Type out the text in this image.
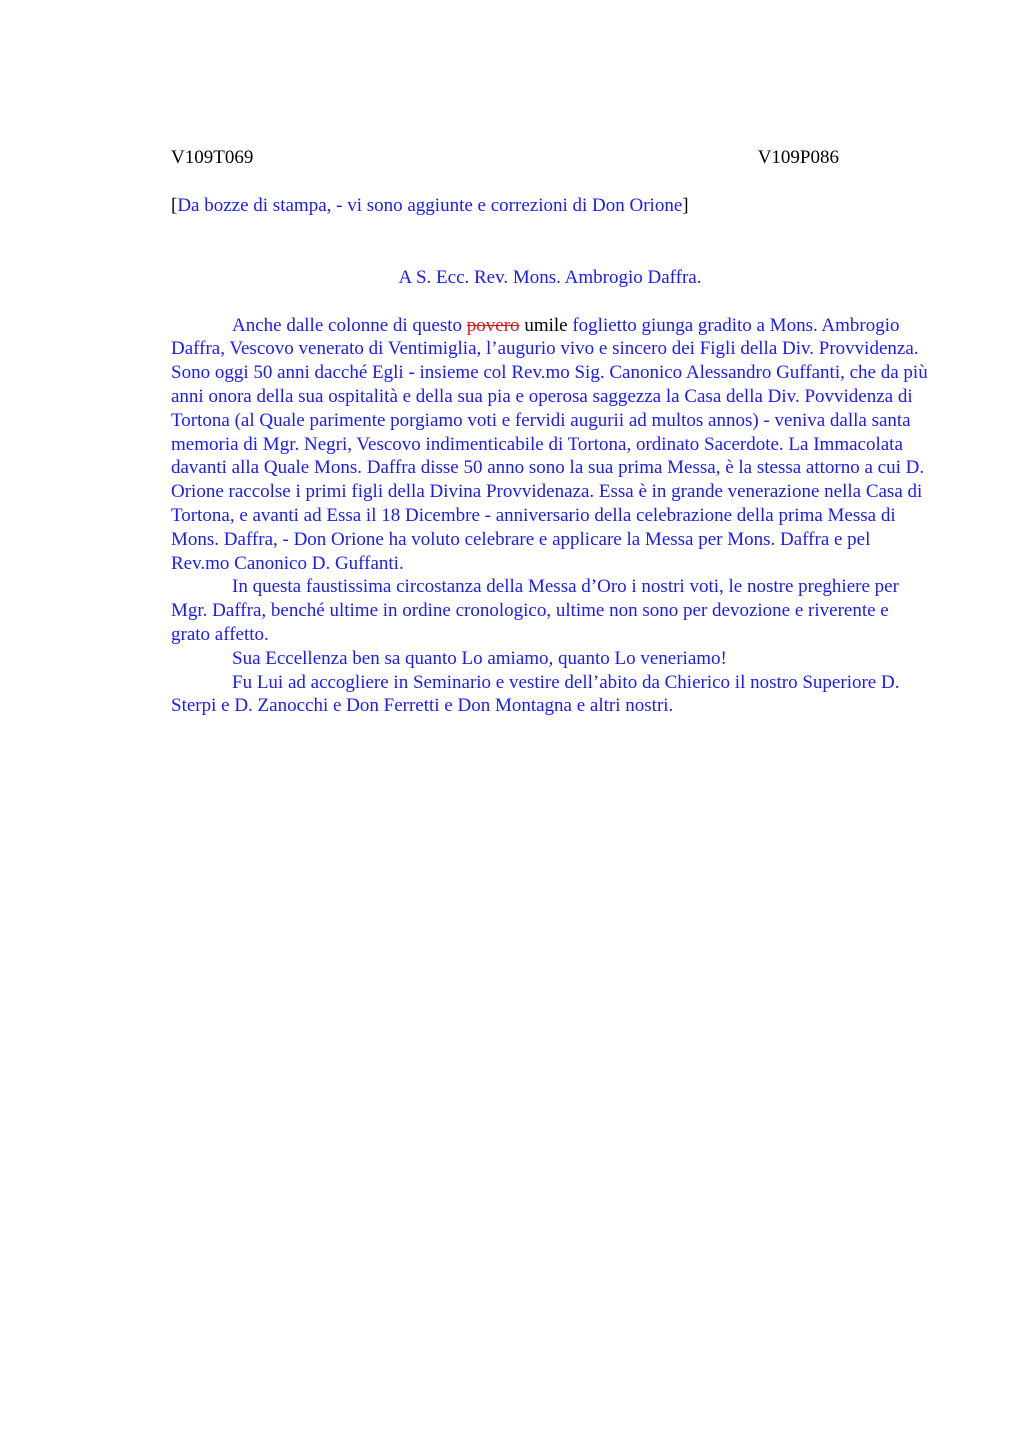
V109T069	V109P086
[Da bozze di stampa, - vi sono aggiunte e correzioni di Don Orione]
A S. Ecc. Rev. Mons. Ambrogio Daffra.

Anche dalle colonne di questo povero umile foglietto giunga gradito a Mons. Ambrogio Daffra, Vescovo venerato di Ventimiglia, l’augurio vivo e sincero dei Figli della Div. Provvidenza. Sono oggi 50 anni dacché Egli - insieme col Rev.mo Sig. Canonico Alessandro Guffanti, che da più anni onora della sua ospitalità e della sua pia e operosa saggezza la Casa della Div. Povvidenza di Tortona (al Quale parimente porgiamo voti e fervidi augurii ad multos annos) - veniva dalla santa memoria di Mgr. Negri, Vescovo indimenticabile di Tortona, ordinato Sacerdote. La Immacolata davanti alla Quale Mons. Daffra disse 50 anno sono la sua prima Messa, è la stessa attorno a cui D. Orione raccolse i primi figli della Divina Provvidenaza. Essa è in grande venerazione nella Casa di Tortona, e avanti ad Essa il 18 Dicembre - anniversario della celebrazione della prima Messa di Mons. Daffra, - Don Orione ha voluto celebrare e applicare la Messa per Mons. Daffra e pel Rev.mo Canonico D. Guffanti.

In questa faustissima circostanza della Messa d’Oro i nostri voti, le nostre preghiere per Mgr. Daffra, benché ultime in ordine cronologico, ultime non sono per devozione e riverente e grato affetto.

Sua Eccellenza ben sa quanto Lo amiamo, quanto Lo veneriamo!

Fu Lui ad accogliere in Seminario e vestire dell’abito da Chierico il nostro Superiore D. Sterpi e D. Zanocchi e Don Ferretti e Don Montagna e altri nostri.
